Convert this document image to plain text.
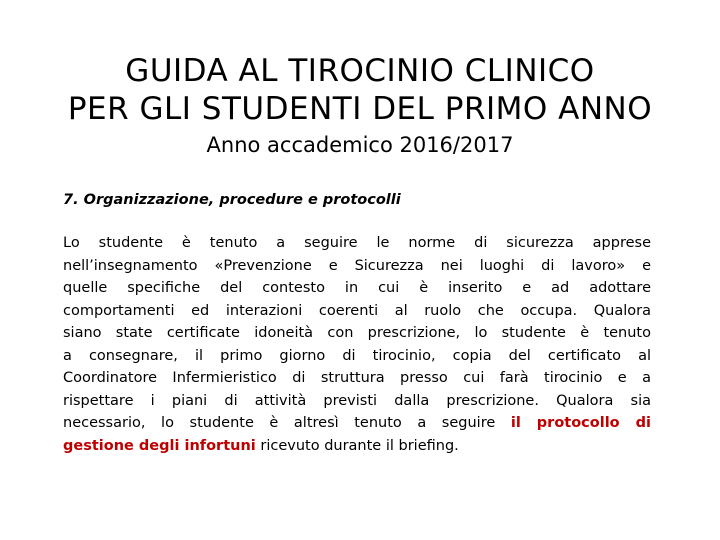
GUIDA AL TIROCINIO CLINICO
PER GLI STUDENTI DEL PRIMO ANNO
Anno accademico 2016/2017
7. Organizzazione, procedure e protocolli
Lo studente è tenuto a seguire le norme di sicurezza apprese
nell’insegnamento «Prevenzione e Sicurezza nei luoghi di lavoro» e
quelle specifiche del contesto in cui è inserito e ad adottare
comportamenti ed interazioni coerenti al ruolo che occupa. Qualora
siano state certificate idoneità con prescrizione, lo studente è tenuto
a consegnare, il primo giorno di tirocinio, copia del certificato al
Coordinatore Infermieristico di struttura presso cui farà tirocinio e a
rispettare i piani di attività previsti dalla prescrizione. Qualora sia
necessario, lo studente è altresì tenuto a seguire il protocollo di
gestione degli infortuni ricevuto durante il briefing.
